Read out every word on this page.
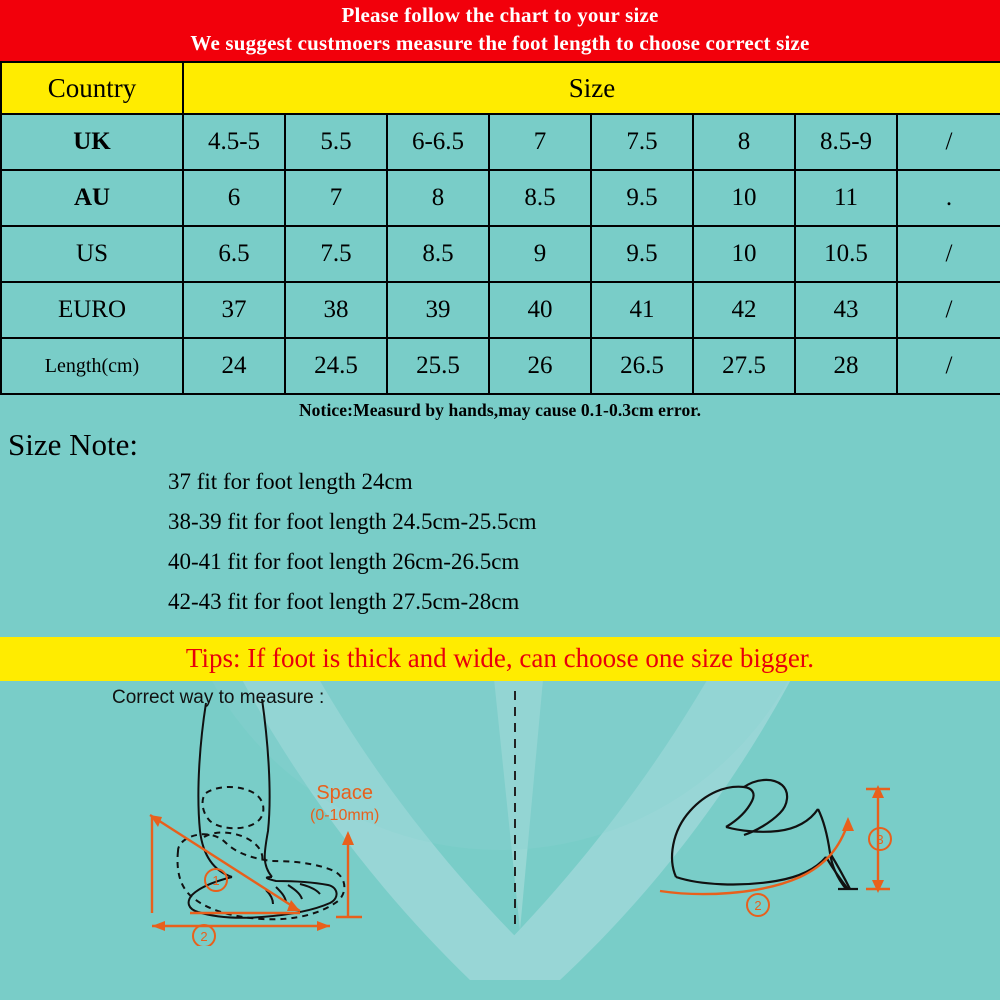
Please follow the chart to your size
We suggest custmoers measure the foot length to choose correct size
Country	Size							
UK	4.5-5	5.5	6-6.5	7	7.5	8	8.5-9	/
AU	6	7	8	8.5	9.5	10	11	.
US	6.5	7.5	8.5	9	9.5	10	10.5	/
EURO	37	38	39	40	41	42	43	/
Length(cm)	24	24.5	25.5	26	26.5	27.5	28	/
Notice:Measurd by hands,may cause 0.1-0.3cm error.
Size Note:
37 fit for foot length 24cm
38-39 fit for foot length 24.5cm-25.5cm
40-41 fit for foot length 26cm-26.5cm
42-43 fit for foot length 27.5cm-28cm
Tips: If foot is thick and wide, can choose one size bigger.
Correct way to measure :
Space
(0-10mm)
1
2
2
3
